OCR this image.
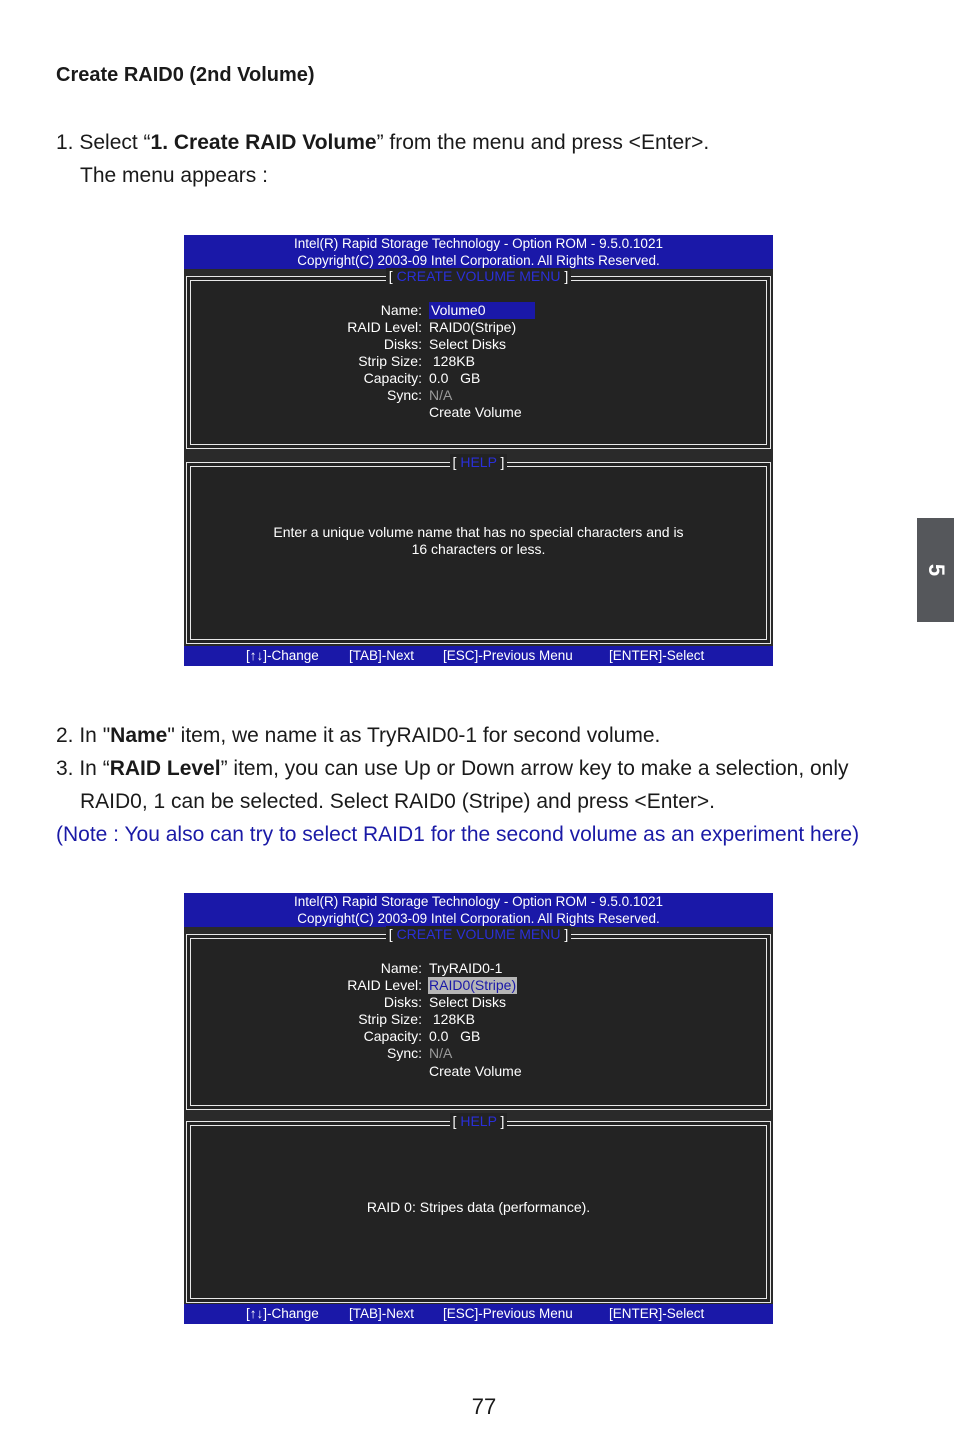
Create RAID0 (2nd Volume)
1. Select “1. Create RAID Volume” from the menu and press <Enter>.
The menu appears :
Intel(R) Rapid Storage Technology - Option ROM - 9.5.0.1021
Copyright(C) 2003-09 Intel Corporation. All Rights Reserved.
[ CREATE VOLUME MENU ]
Name: Volume0
RAID Level: RAID0(Stripe)
Disks: Select Disks
Strip Size: 128KB
Capacity: 0.0   GB
Sync: N/A
Create Volume
[ HELP ]
Enter a unique volume name that has no special characters and is
16 characters or less.
[↑↓]-Change [TAB]-Next [ESC]-Previous Menu	[ENTER]-Select
2. In "Name" item, we name it as TryRAID0-1 for second volume.
3. In “RAID Level” item, you can use Up or Down arrow key to make a selection, only
RAID0, 1 can be selected. Select RAID0 (Stripe) and press <Enter>.
(Note : You also can try to select RAID1 for the second volume as an experiment here)
Intel(R) Rapid Storage Technology - Option ROM - 9.5.0.1021
Copyright(C) 2003-09 Intel Corporation. All Rights Reserved.
[ CREATE VOLUME MENU ]
Name: TryRAID0-1
RAID Level: RAID0(Stripe)
Disks: Select Disks
Strip Size: 128KB
Capacity: 0.0   GB
Sync: N/A
Create Volume
[ HELP ]
RAID 0: Stripes data (performance).
[↑↓]-Change [TAB]-Next [ESC]-Previous Menu	[ENTER]-Select
5
77
